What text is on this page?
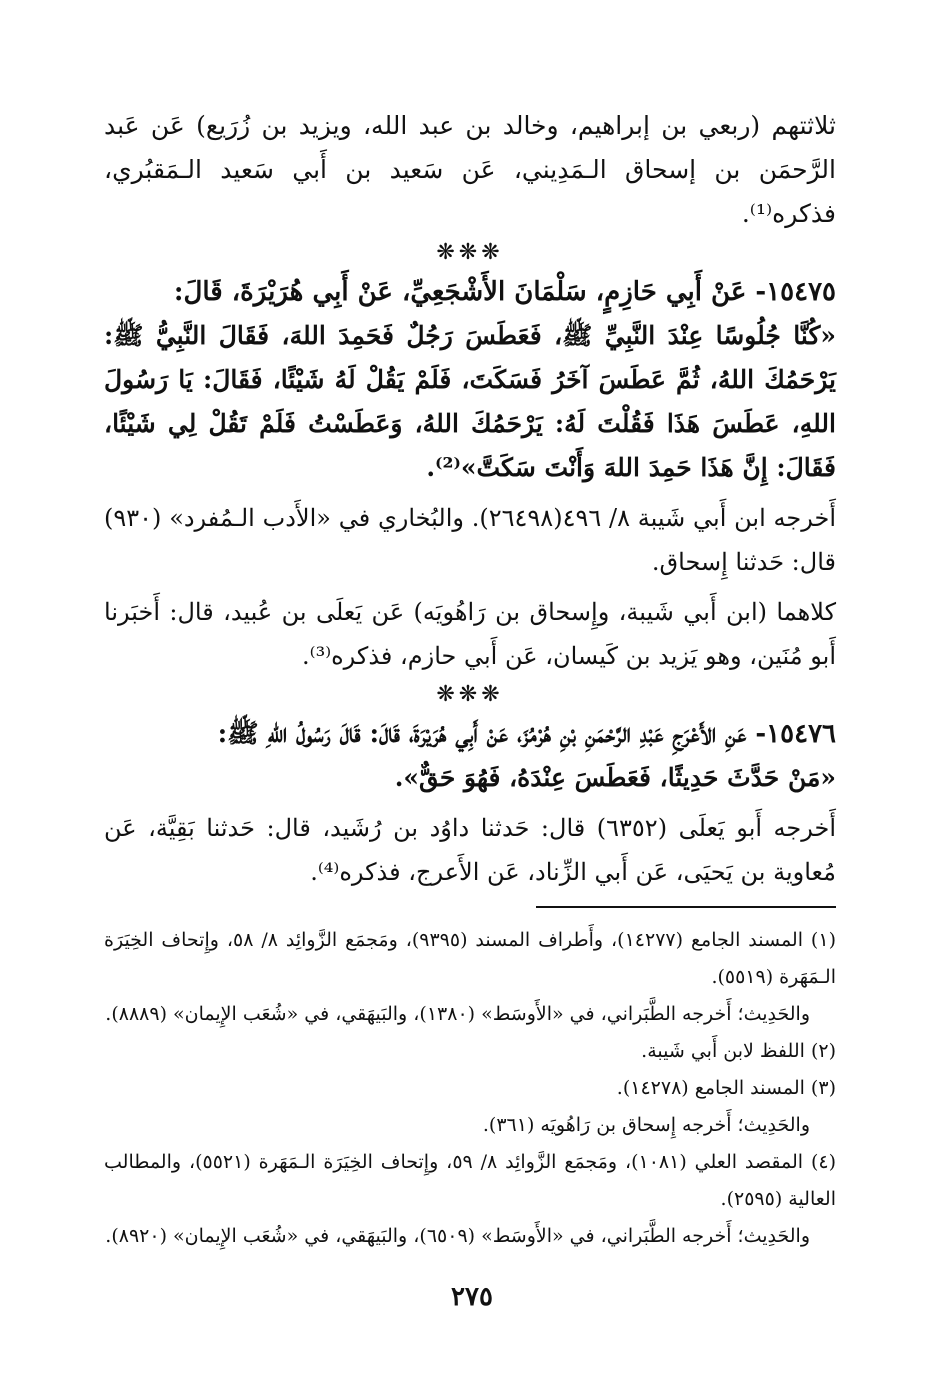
ثلاثتهم (ربعي بن إبراهيم، وخالد بن عبد الله، ويزيد بن زُرَيع) عَن عَبد الرَّحمَن بن إسحاق الـمَدِيني، عَن سَعيد بن أَبي سَعيد الـمَقبُري، فذكره⁽¹⁾.

❋❋❋

١٥٤٧٥- عَنْ أَبِي حَازِمٍ، سَلْمَانَ الأَشْجَعِيِّ، عَنْ أَبِي هُرَيْرَةَ، قَالَ:

«كُنَّا جُلُوسًا عِنْدَ النَّبِيِّ ﷺ، فَعَطَسَ رَجُلٌ فَحَمِدَ اللهَ، فَقَالَ النَّبِيُّ ﷺ: يَرْحَمُكَ اللهُ، ثُمَّ عَطَسَ آخَرُ فَسَكَتَ، فَلَمْ يَقُلْ لَهُ شَيْئًا، فَقَالَ: يَا رَسُولَ اللهِ، عَطَسَ هَذَا فَقُلْتَ لَهُ: يَرْحَمُكَ اللهُ، وَعَطَسْتُ فَلَمْ تَقُلْ لِي شَيْئًا، فَقَالَ: إِنَّ هَذَا حَمِدَ اللهَ وَأَنْتَ سَكَتَّ»⁽²⁾.

أَخرجه ابن أَبي شَيبة ٨/ ٤٩٦(٢٦٤٩٨). والبُخاري في «الأَدب الـمُفرد» (٩٣٠) قال: حَدثنا إِسحاق.

كلاهما (ابن أَبي شَيبة، وإِسحاق بن رَاهُويَه) عَن يَعلَى بن عُبيد، قال: أَخبَرنا أَبو مُنَين، وهو يَزيد بن كَيسان، عَن أَبي حازم، فذكره⁽³⁾.

❋❋❋

١٥٤٧٦- عَنِ الأَعْرَجِ عَبْدِ الرَّحْمَنِ بْنِ هُرْمُزَ، عَنْ أَبِي هُرَيْرَةَ، قَالَ: قَالَ رَسُولُ اللهِ ﷺ:

«مَنْ حَدَّثَ حَدِيثًا، فَعَطَسَ عِنْدَهُ، فَهُوَ حَقٌّ».

أَخرجه أَبو يَعلَى (٦٣٥٢) قال: حَدثنا داوُد بن رُشَيد، قال: حَدثنا بَقِيَّة، عَن مُعاوية بن يَحيَى، عَن أَبي الزِّناد، عَن الأَعرج، فذكره⁽⁴⁾.

(١) المسند الجامع (١٤٢٧٧)، وأَطراف المسند (٩٣٩٥)، ومَجمَع الزَّوائِد ٨/ ٥٨، وإِتحاف الخِيَرَة الـمَهَرة (٥٥١٩).

والحَدِيث؛ أَخرجه الطَّبَراني، في «الأَوسَط» (١٣٨٠)، والبَيهَقي، في «شُعَب الإِيمان» (٨٨٨٩).

(٢) اللفظ لابن أَبي شَيبة.

(٣) المسند الجامع (١٤٢٧٨).

والحَدِيث؛ أَخرجه إِسحاق بن رَاهُويَه (٣٦١).

(٤) المقصد العلي (١٠٨١)، ومَجمَع الزَّوائِد ٨/ ٥٩، وإِتحاف الخِيَرَة الـمَهَرة (٥٥٢١)، والمطالب العالية (٢٥٩٥).

والحَدِيث؛ أَخرجه الطَّبَراني، في «الأَوسَط» (٦٥٠٩)، والبَيهَقي، في «شُعَب الإِيمان» (٨٩٢٠).

٢٧٥
